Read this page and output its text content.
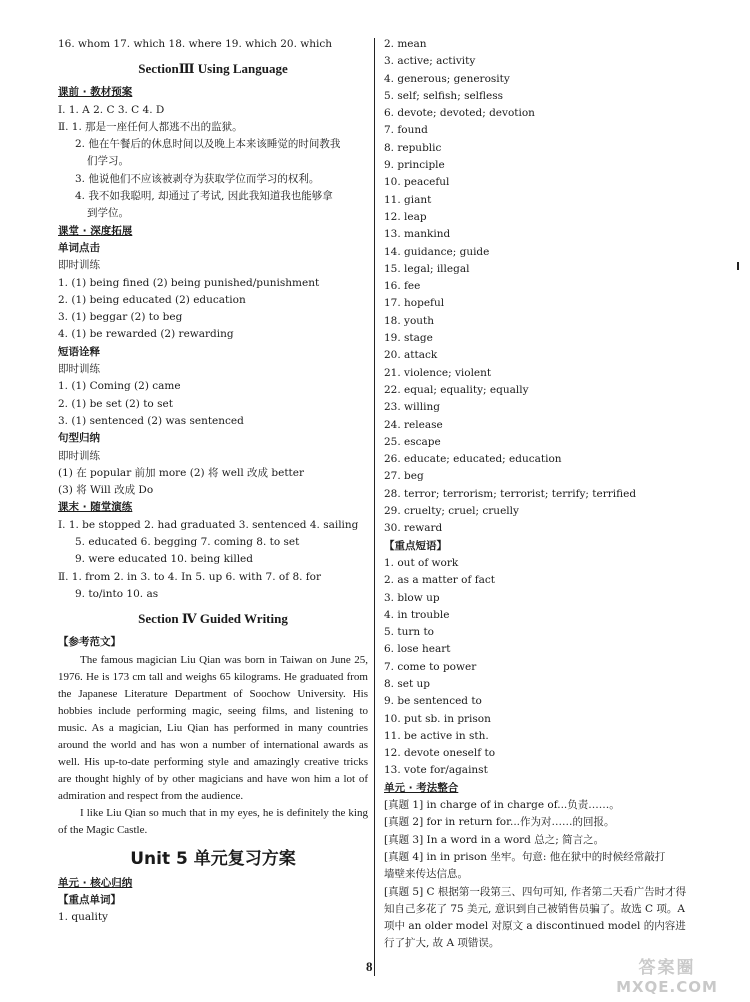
16. whom 17. which 18. where 19. which 20. which
SectionⅢ Using Language
课前 · 教材预案
Ⅰ. 1. A 2. C 3. C 4. D
Ⅱ. 1. 那是一座任何人都逃不出的监狱。
2. 他在午餐后的休息时间以及晚上本来该睡觉的时间教我
们学习。
3. 他说他们不应该被剥夺为获取学位而学习的权利。
4. 我不如我聪明, 却通过了考试, 因此我知道我也能够拿
到学位。
课堂 · 深度拓展
单词点击
即时训练
1. (1) being fined (2) being punished/punishment
2. (1) being educated (2) education
3. (1) beggar (2) to beg
4. (1) be rewarded (2) rewarding
短语诠释
即时训练
1. (1) Coming (2) came
2. (1) be set (2) to set
3. (1) sentenced (2) was sentenced
句型归纳
即时训练
(1) 在 popular 前加 more (2) 将 well 改成 better
(3) 将 Will 改成 Do
课末 · 随堂演练
Ⅰ. 1. be stopped 2. had graduated 3. sentenced 4. sailing
5. educated 6. begging 7. coming 8. to set
9. were educated 10. being killed
Ⅱ. 1. from 2. in 3. to 4. In 5. up 6. with 7. of 8. for
9. to/into 10. as
Section Ⅳ Guided Writing
【参考范文】

The famous magician Liu Qian was born in Taiwan on June 25, 1976. He is 173 cm tall and weighs 65 kilograms. He graduated from the Japanese Literature Department of Soochow University. His hobbies include performing magic, seeing films, and listening to music. As a magician, Liu Qian has performed in many countries around the world and has won a number of international awards as well. His up-to-date performing style and amazingly creative tricks are thought highly of by other magicians and have won him a lot of admiration and respect from the audience.

I like Liu Qian so much that in my eyes, he is definitely the king of the Magic Castle.

Unit 5 单元复习方案
单元 · 核心归纳
【重点单词】
1. quality
2. mean
3. active; activity
4. generous; generosity
5. self; selfish; selfless
6. devote; devoted; devotion
7. found
8. republic
9. principle
10. peaceful
11. giant
12. leap
13. mankind
14. guidance; guide
15. legal; illegal
16. fee
17. hopeful
18. youth
19. stage
20. attack
21. violence; violent
22. equal; equality; equally
23. willing
24. release
25. escape
26. educate; educated; education
27. beg
28. terror; terrorism; terrorist; terrify; terrified
29. cruelty; cruel; cruelly
30. reward
【重点短语】
1. out of work
2. as a matter of fact
3. blow up
4. in trouble
5. turn to
6. lose heart
7. come to power
8. set up
9. be sentenced to
10. put sb. in prison
11. be active in sth.
12. devote oneself to
13. vote for/against
单元 · 考法整合
[真题 1] in charge of in charge of...负责……。
[真题 2] for in return for...作为对……的回报。
[真题 3] In a word in a word 总之; 简言之。
[真题 4] in in prison 坐牢。句意: 他在狱中的时候经常敲打
墙壁来传达信息。
[真题 5] C 根据第一段第三、四句可知, 作者第二天看广告时才得知自己多花了 75 美元, 意识到自己被销售员骗了。故选 C 项。A 项中 an older model 对原文 a discontinued model 的内容进行了扩大, 故 A 项错误。
8	答案圈
MXQE.COM
